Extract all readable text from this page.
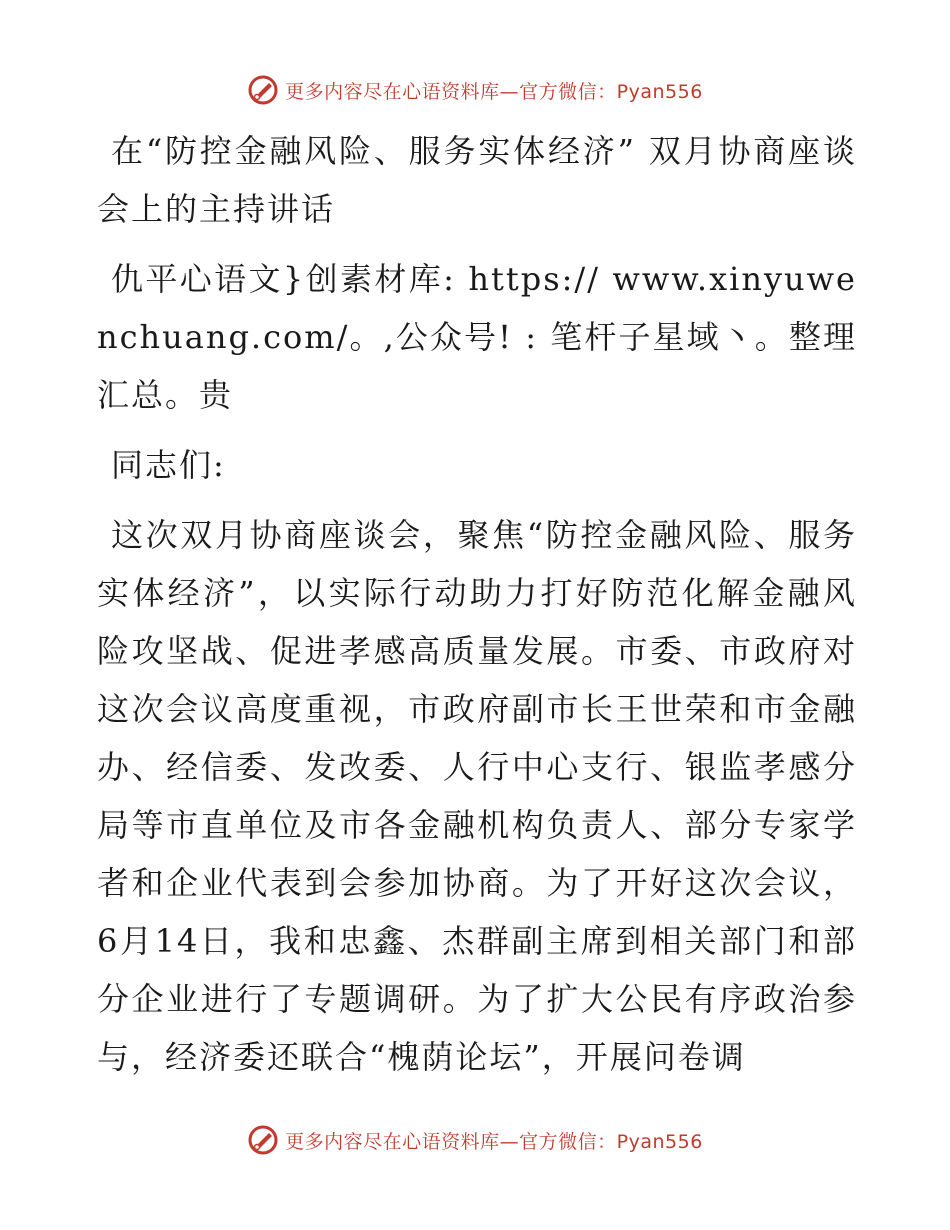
更多内容尽在心语资料库—官方微信：Pyan556

在“防控金融风险、服务实体经济” 双月协商座谈会上的主持讲话

仇平心语文}创素材库: https:// www.xinyuwenchuang.com/。,公众号! : 笔杆子星域丶。整理汇总。贵

同志们:

这次双月协商座谈会，聚焦“防控金融风险、服务实体经济”，以实际行动助力打好防范化解金融风险攻坚战、促进孝感高质量发展。市委、市政府对这次会议高度重视，市政府副市长王世荣和市金融办、经信委、发改委、人行中心支行、银监孝感分局等市直单位及市各金融机构负责人、部分专家学者和企业代表到会参加协商。为了开好这次会议，6月14日，我和忠鑫、杰群副主席到相关部门和部分企业进行了专题调研。为了扩大公民有序政治参与，经济委还联合“槐荫论坛”，开展问卷调

更多内容尽在心语资料库—官方微信：Pyan556
